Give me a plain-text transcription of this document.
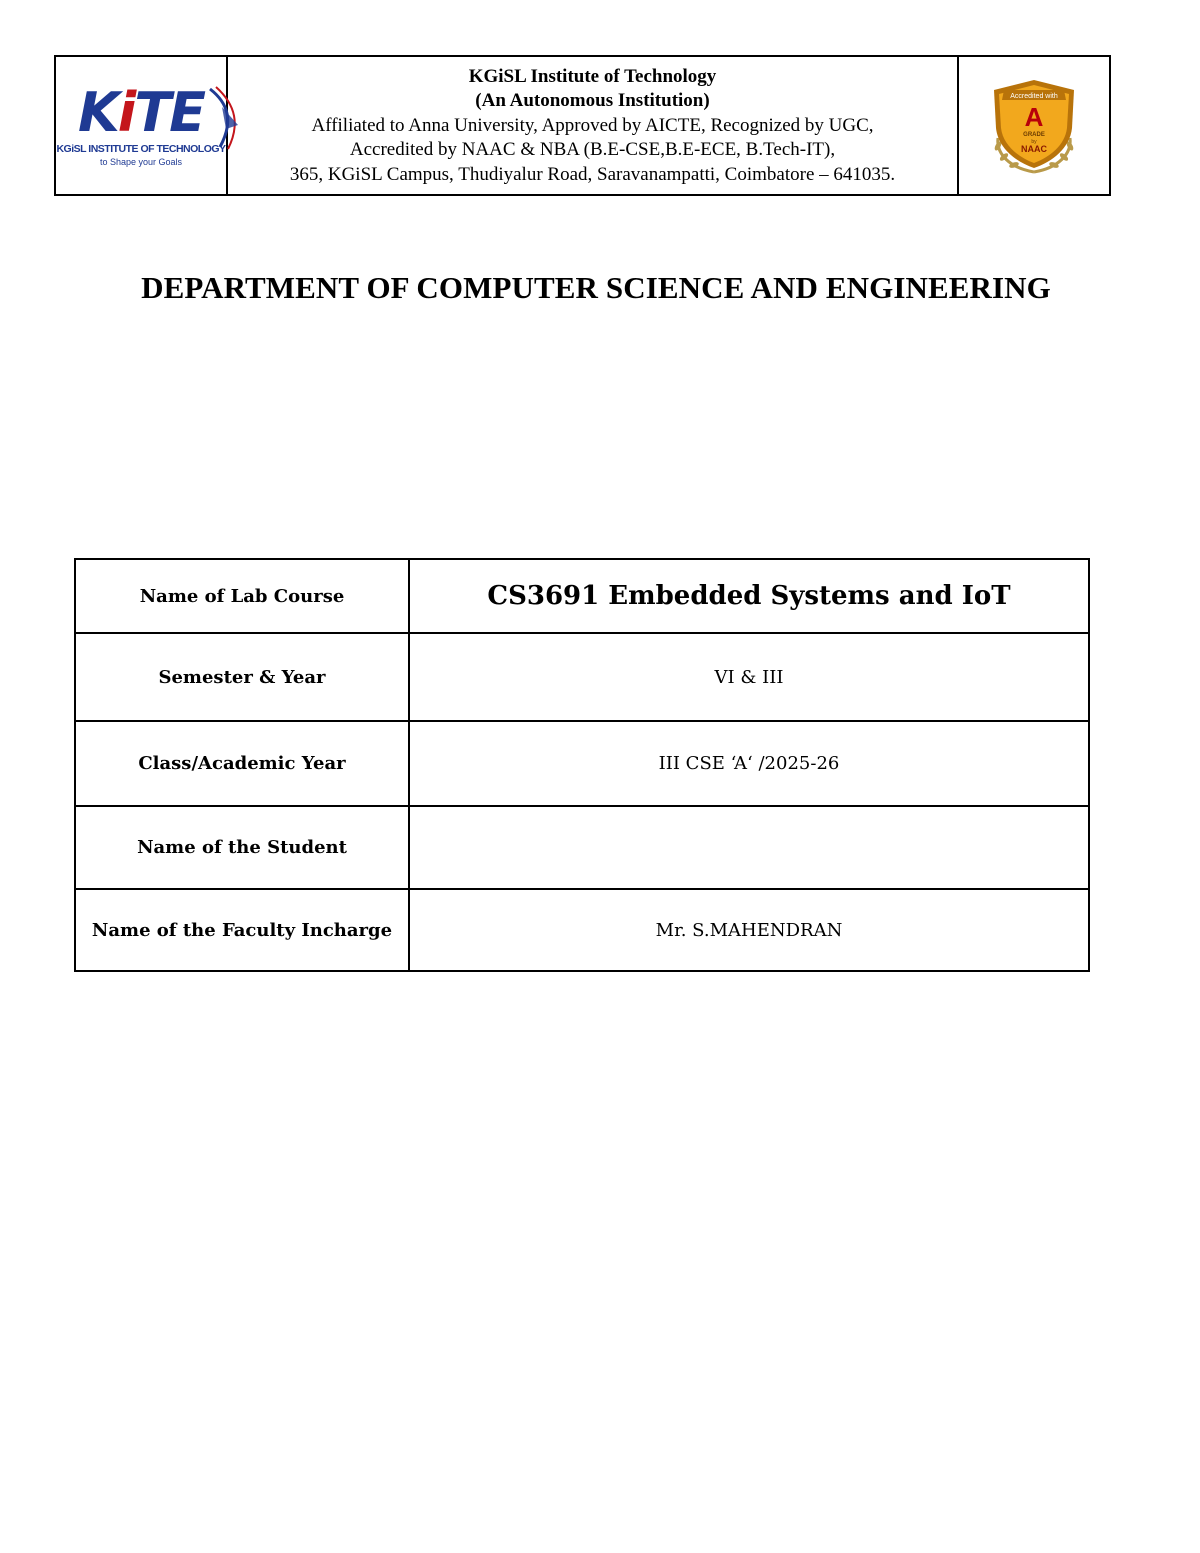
KiTE
KGiSL INSTITUTE OF TECHNOLOGY
to Shape your Goals
KGiSL Institute of Technology
(An Autonomous Institution)
Affiliated to Anna University, Approved by AICTE, Recognized by UGC,
Accredited by NAAC & NBA (B.E-CSE,B.E-ECE, B.Tech-IT),
365, KGiSL Campus, Thudiyalur Road, Saravanampatti, Coimbatore – 641035.
Accredited with
A
GRADE
by
NAAC
DEPARTMENT OF COMPUTER SCIENCE AND ENGINEERING
Name of Lab Course	CS3691 Embedded Systems and IoT
Semester & Year	VI & III
Class/Academic Year	III CSE ‘A‘ /2025-26
Name of the Student	
Name of the Faculty Incharge	Mr. S.MAHENDRAN
